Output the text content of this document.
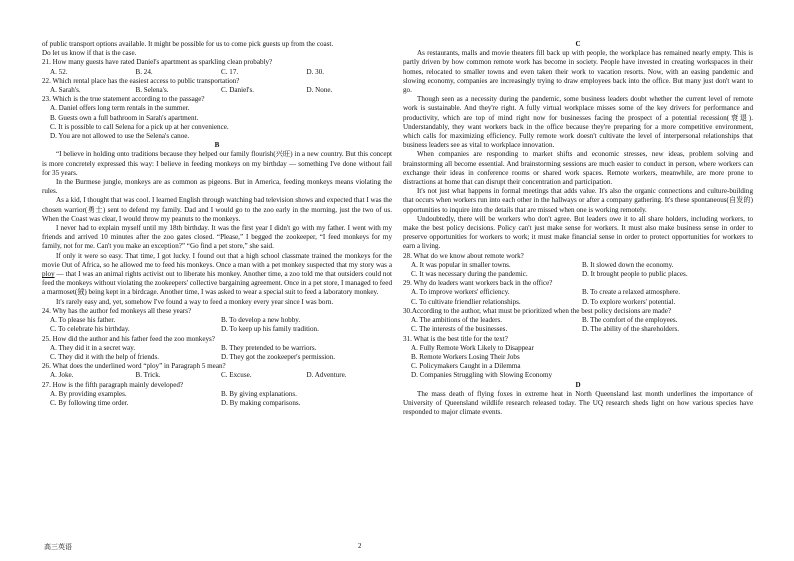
of public transport options available. It might be possible for us to come pick guests up from the coast.

Do let us know if that is the case.

21. How many guests have rated Daniel's apartment as sparkling clean probably?

A. 52.	B. 24.	C. 17.	D. 30.

22. Which rental place has the easiest access to public transportation?

A. Sarah's.	B. Selena's.	C. Daniel's.	D. None.

23. Which is the true statement according to the passage?

A. Daniel offers long term rentals in the summer.
B. Guests own a full bathroom in Sarah's apartment.
C. It is possible to call Selena for a pick up at her convenience.
D. You are not allowed to use the Selena's canoe.

B

“I believe in holding onto traditions because they helped our family flourish(兴旺) in a new country. But this concept is more concretely expressed this way: I believe in feeding monkeys on my birthday — something I've done without fail for 35 years.

In the Burmese jungle, monkeys are as common as pigeons. But in America, feeding monkeys means violating the rules.

As a kid, I thought that was cool. I learned English through watching bad television shows and expected that I was the chosen warrior(勇士) sent to defend my family. Dad and I would go to the zoo early in the morning, just the two of us. When the Coast was clear, I would throw my peanuts to the monkeys.

I never had to explain myself until my 18th birthday. It was the first year I didn't go with my father. I went with my friends and arrived 10 minutes after the zoo gates closed. “Please,” I begged the zookeeper, “I feed monkeys for my family, not for me. Can't you make an exception?” “Go find a pet store,” she said.

If only it were so easy. That time, I got lucky. I found out that a high school classmate trained the monkeys for the movie Out of Africa, so he allowed me to feed his monkeys. Once a man with a pet monkey suspected that my story was a ploy — that I was an animal rights activist out to liberate his monkey. Another time, a zoo told me that outsiders could not feed the monkeys without violating the zookeepers' collective bargaining agreement. Once in a pet store, I managed to feed a marmoset(狨) being kept in a birdcage. Another time, I was asked to wear a special suit to feed a laboratory monkey.

It's rarely easy and, yet, somehow I've found a way to feed a monkey every year since I was born.

24. Why has the author fed monkeys all these years?

A. To please his father.	B. To develop a new hobby.
C. To celebrate his birthday.	D. To keep up his family tradition.

25. How did the author and his father feed the zoo monkeys?

A. They did it in a secret way.	B. They pretended to be warriors.
C. They did it with the help of friends.	D. They got the zookeeper's permission.

26. What does the underlined word “ploy” in Paragraph 5 mean?

A. Joke.	B. Trick.	C. Excuse.	D. Adventure.

27. How is the fifth paragraph mainly developed?

A. By providing examples.	B. By giving explanations.
C. By following time order.	D. By making comparisons.

C

As restaurants, malls and movie theaters fill back up with people, the workplace has remained nearly empty. This is partly driven by how common remote work has become in society. People have invested in creating workspaces in their homes, relocated to smaller towns and even taken their work to vacation resorts. Now, with an easing pandemic and slowing economy, companies are increasingly trying to draw employees back into the office. But many just don't want to go.

Though seen as a necessity during the pandemic, some business leaders doubt whether the current level of remote work is sustainable. And they're right. A fully virtual workplace misses some of the key drivers for performance and productivity, which are top of mind right now for businesses facing the prospect of a potential recession(衰退). Understandably, they want workers back in the office because they're preparing for a more competitive environment, which calls for maximizing efficiency. Fully remote work doesn't cultivate the level of interpersonal relationships that business leaders see as vital to workplace innovation.

When companies are responding to market shifts and economic stresses, new ideas, problem solving and brainstorming all become essential. And brainstorming sessions are much easier to conduct in person, where workers can exchange their ideas in conference rooms or shared work spaces. Remote workers, meanwhile, are more prone to distractions at home that can disrupt their concentration and participation.

It's not just what happens in formal meetings that adds value. It's also the organic connections and culture-building that occurs when workers run into each other in the hallways or after a company gathering. It's these spontaneous(自发的) opportunities to inquire into the details that are missed when one is working remotely.

Undoubtedly, there will be workers who don't agree. But leaders owe it to all share holders, including workers, to make the best policy decisions. Policy can't just make sense for workers. It must also make business sense in order to preserve opportunities for workers to work; it must make financial sense in order to protect opportunities for workers to earn a living.

28. What do we know about remote work?

A. It was popular in smaller towns.	B. It slowed down the economy.
C. It was necessary during the pandemic.	D. It brought people to public places.

29. Why do leaders want workers back in the office?

A. To improve workers' efficiency.	B. To create a relaxed atmosphere.
C. To cultivate friendlier relationships.	D. To explore workers' potential.

30.According to the author, what must be prioritized when the best policy decisions are made?

A. The ambitions of the leaders.	B. The comfort of the employees.
C. The interests of the businesses.	D. The ability of the shareholders.

31. What is the best title for the text?

A. Fully Remote Work Likely to Disappear
B. Remote Workers Losing Their Jobs
C. Policymakers Caught in a Dilemma
D. Companies Struggling with Slowing Economy

D

The mass death of flying foxes in extreme heat in North Queensland last month underlines the importance of University of Queensland wildlife research released today. The UQ research sheds light on how various species have responded to major climate events.

高三英语	2
